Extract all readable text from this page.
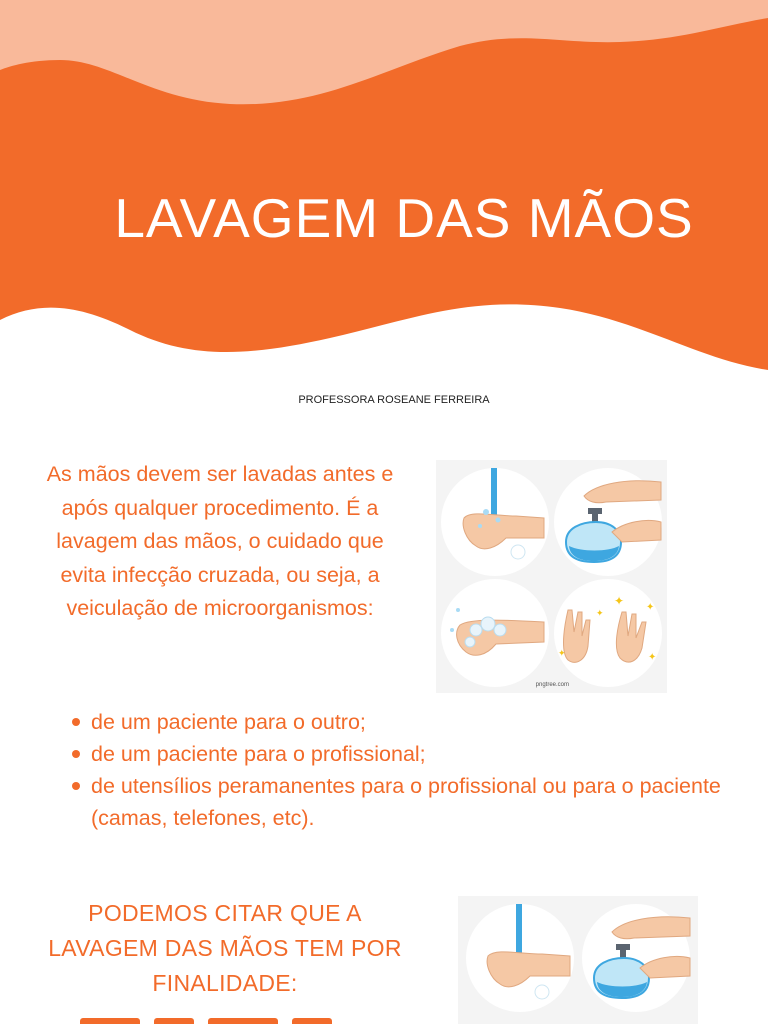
LAVAGEM DAS MÃOS
PROFESSORA ROSEANE FERREIRA

As mãos devem ser lavadas antes e após qualquer procedimento. É a lavagem das mãos, o cuidado que evita infecção cruzada, ou seja, a veiculação de microorganismos:

de um paciente para o outro;
de um paciente para o profissional;
de utensílios peramanentes para o profissional ou para o paciente (camas, telefones, etc).

PODEMOS CITAR QUE A LAVAGEM DAS MÃOS TEM POR FINALIDADE:

✦ ✦
✦
✦
✦
pngtree.com
